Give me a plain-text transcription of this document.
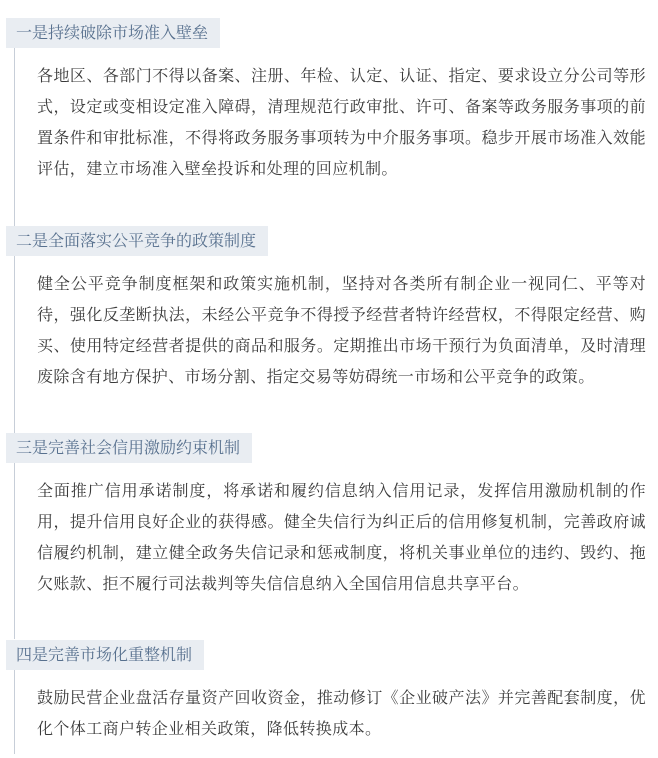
一是持续破除市场准入壁垒
各地区、各部门不得以备案、注册、年检、认定、认证、指定、要求设立分公司等形式，设定或变相设定准入障碍，清理规范行政审批、许可、备案等政务服务事项的前置条件和审批标准，不得将政务服务事项转为中介服务事项。稳步开展市场准入效能评估，建立市场准入壁垒投诉和处理的回应机制。
二是全面落实公平竞争的政策制度
健全公平竞争制度框架和政策实施机制，坚持对各类所有制企业一视同仁、平等对待，强化反垄断执法，未经公平竞争不得授予经营者特许经营权，不得限定经营、购买、使用特定经营者提供的商品和服务。定期推出市场干预行为负面清单，及时清理废除含有地方保护、市场分割、指定交易等妨碍统一市场和公平竞争的政策。
三是完善社会信用激励约束机制
全面推广信用承诺制度，将承诺和履约信息纳入信用记录，发挥信用激励机制的作用，提升信用良好企业的获得感。健全失信行为纠正后的信用修复机制，完善政府诚信履约机制，建立健全政务失信记录和惩戒制度，将机关事业单位的违约、毁约、拖欠账款、拒不履行司法裁判等失信信息纳入全国信用信息共享平台。
四是完善市场化重整机制
鼓励民营企业盘活存量资产回收资金，推动修订《企业破产法》并完善配套制度，优化个体工商户转企业相关政策，降低转换成本。
